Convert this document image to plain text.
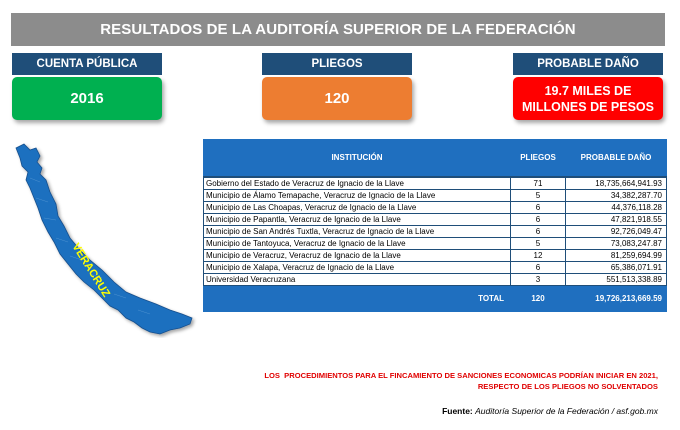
RESULTADOS DE LA AUDITORÍA SUPERIOR DE LA FEDERACIÓN
CUENTA PÚBLICA
2016
PLIEGOS
120
PROBABLE DAÑO
19.7 MILES DE
MILLONES DE PESOS
VERACRUZ
INSTITUCIÓN	PLIEGOS	PROBABLE DAÑO
Gobierno del Estado de Veracruz de Ignacio de la Llave	71	18,735,664,941.93
Municipio de Álamo Temapache, Veracruz de Ignacio de la Llave	5	34,382,287.70
Municipio de Las Choapas, Veracruz de Ignacio de la Llave	6	44,376,118.28
Municipio de Papantla, Veracruz de Ignacio de la Llave	6	47,821,918.55
Municipio de San Andrés Tuxtla, Veracruz de Ignacio de la Llave	6	92,726,049.47
Municipio de Tantoyuca, Veracruz de Ignacio de la Llave	5	73,083,247.87
Municipio de Veracruz, Veracruz de Ignacio de la Llave	12	81,259,694.99
Municipio de Xalapa, Veracruz de Ignacio de la Llave	6	65,386,071.91
Universidad Veracruzana	3	551,513,338.89
TOTAL	120	19,726,213,669.59
LOS  PROCEDIMIENTOS PARA EL FINCAMIENTO DE SANCIONES ECONOMICAS PODRÍAN INICIAR EN 2021,
RESPECTO DE LOS PLIEGOS NO SOLVENTADOS
Fuente: Auditoría Superior de la Federación / asf.gob.mx
